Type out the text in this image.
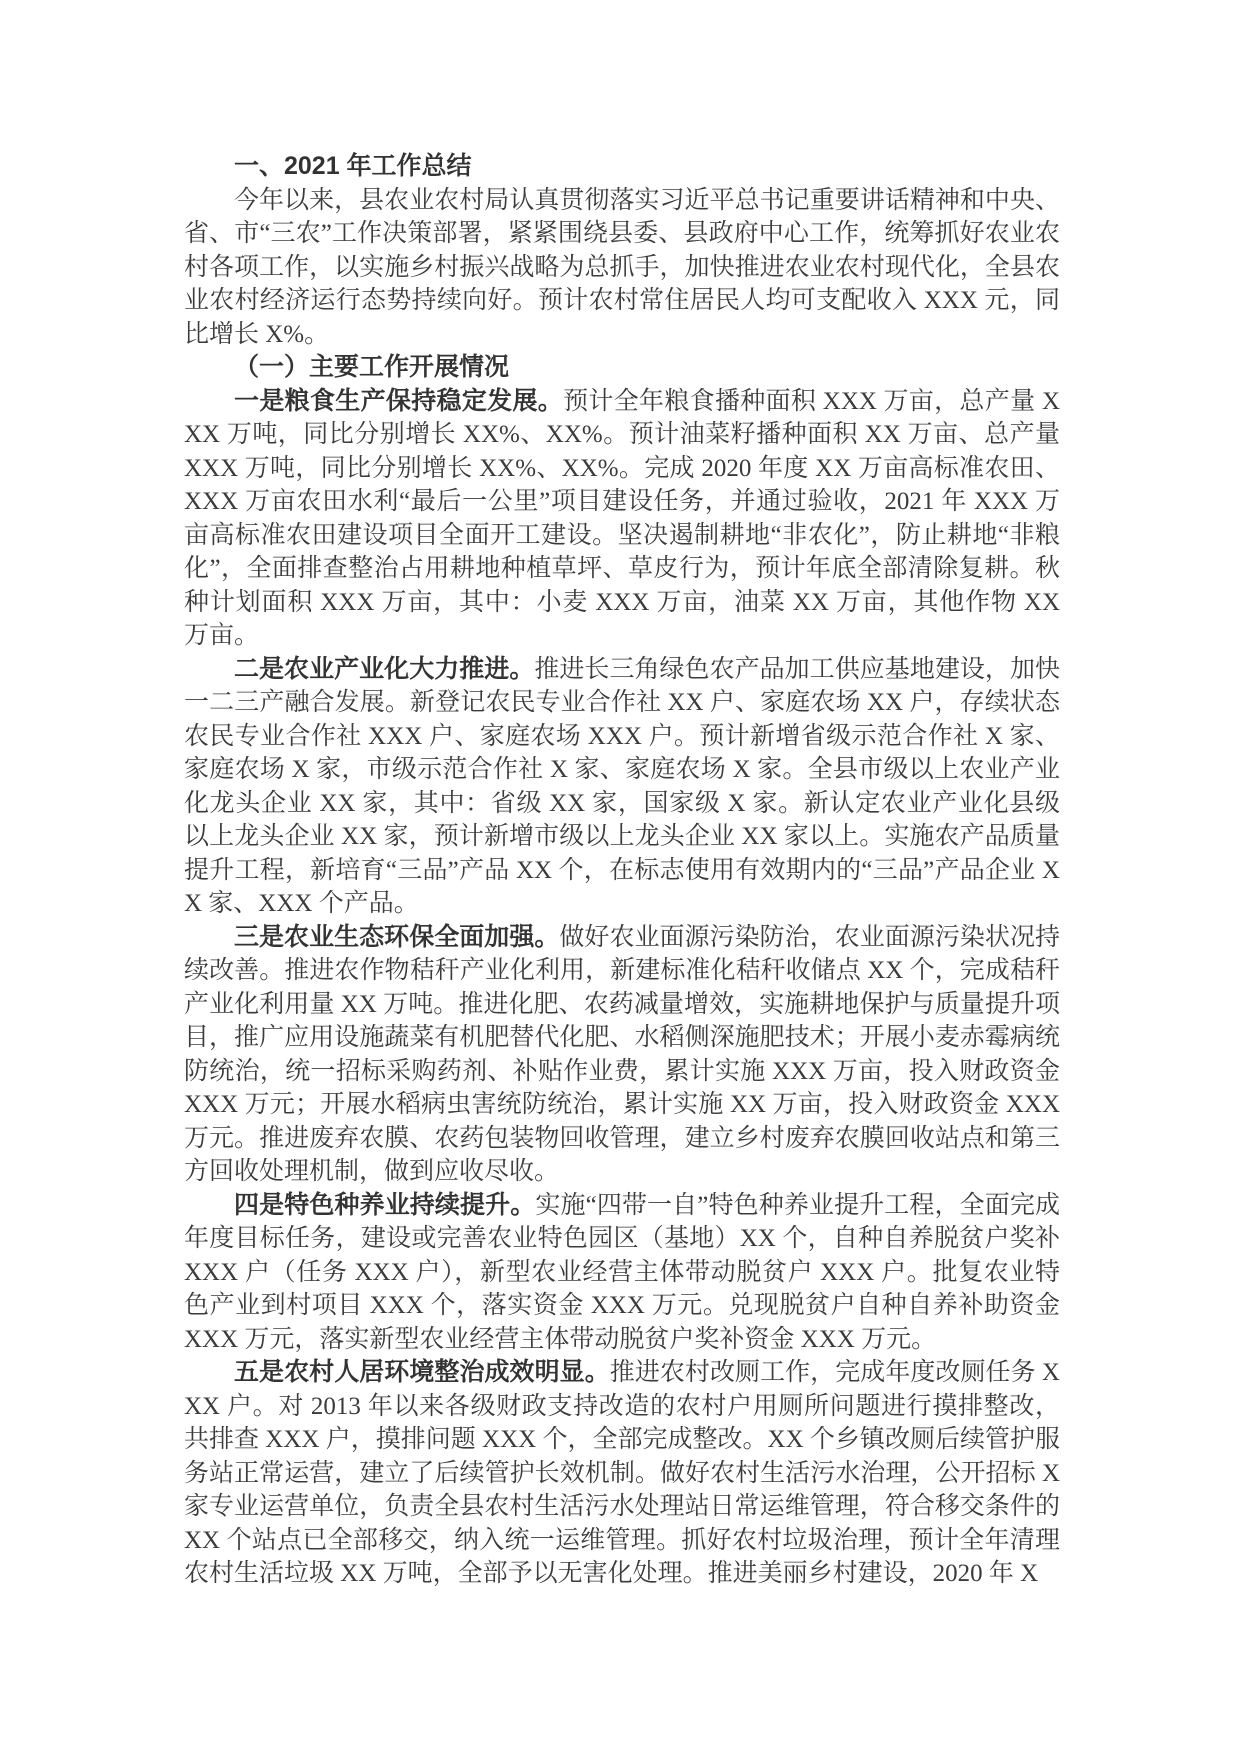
一、2021 年工作总结

今年以来，县农业农村局认真贯彻落实习近平总书记重要讲话精神和中央、省、市“三农”工作决策部署，紧紧围绕县委、县政府中心工作，统筹抓好农业农村各项工作，以实施乡村振兴战略为总抓手，加快推进农业农村现代化，全县农业农村经济运行态势持续向好。预计农村常住居民人均可支配收入 XXX 元，同比增长 X%。

（一）主要工作开展情况

一是粮食生产保持稳定发展。预计全年粮食播种面积 XXX 万亩，总产量 XXX 万吨，同比分别增长 XX%、XX%。预计油菜籽播种面积 XX 万亩、总产量 XXX 万吨，同比分别增长 XX%、XX%。完成 2020 年度 XX 万亩高标准农田、XXX 万亩农田水利“最后一公里”项目建设任务，并通过验收，2021 年 XXX 万亩高标准农田建设项目全面开工建设。坚决遏制耕地“非农化”，防止耕地“非粮化”，全面排查整治占用耕地种植草坪、草皮行为，预计年底全部清除复耕。秋种计划面积 XXX 万亩，其中：小麦 XXX 万亩，油菜 XX 万亩，其他作物 XX 万亩。

二是农业产业化大力推进。推进长三角绿色农产品加工供应基地建设，加快一二三产融合发展。新登记农民专业合作社 XX 户、家庭农场 XX 户，存续状态农民专业合作社 XXX 户、家庭农场 XXX 户。预计新增省级示范合作社 X 家、家庭农场 X 家，市级示范合作社 X 家、家庭农场 X 家。全县市级以上农业产业化龙头企业 XX 家，其中：省级 XX 家，国家级 X 家。新认定农业产业化县级以上龙头企业 XX 家，预计新增市级以上龙头企业 XX 家以上。实施农产品质量提升工程，新培育“三品”产品 XX 个，在标志使用有效期内的“三品”产品企业 XX 家、XXX 个产品。

三是农业生态环保全面加强。做好农业面源污染防治，农业面源污染状况持续改善。推进农作物秸秆产业化利用，新建标准化秸秆收储点 XX 个，完成秸秆产业化利用量 XX 万吨。推进化肥、农药减量增效，实施耕地保护与质量提升项目，推广应用设施蔬菜有机肥替代化肥、水稻侧深施肥技术；开展小麦赤霉病统防统治，统一招标采购药剂、补贴作业费，累计实施 XXX 万亩，投入财政资金 XXX 万元；开展水稻病虫害统防统治，累计实施 XX 万亩，投入财政资金 XXX 万元。推进废弃农膜、农药包装物回收管理，建立乡村废弃农膜回收站点和第三方回收处理机制，做到应收尽收。

四是特色种养业持续提升。实施“四带一自”特色种养业提升工程，全面完成年度目标任务，建设或完善农业特色园区（基地）XX 个，自种自养脱贫户奖补 XXX 户（任务 XXX 户），新型农业经营主体带动脱贫户 XXX 户。批复农业特色产业到村项目 XXX 个，落实资金 XXX 万元。兑现脱贫户自种自养补助资金 XXX 万元，落实新型农业经营主体带动脱贫户奖补资金 XXX 万元。

五是农村人居环境整治成效明显。推进农村改厕工作，完成年度改厕任务 XXX 户。对 2013 年以来各级财政支持改造的农村户用厕所问题进行摸排整改，共排查 XXX 户，摸排问题 XXX 个，全部完成整改。XX 个乡镇改厕后续管护服务站正常运营，建立了后续管护长效机制。做好农村生活污水治理，公开招标 X 家专业运营单位，负责全县农村生活污水处理站日常运维管理，符合移交条件的 XX 个站点已全部移交，纳入统一运维管理。抓好农村垃圾治理，预计全年清理农村生活垃圾 XX 万吨，全部予以无害化处理。推进美丽乡村建设，2020 年 X
